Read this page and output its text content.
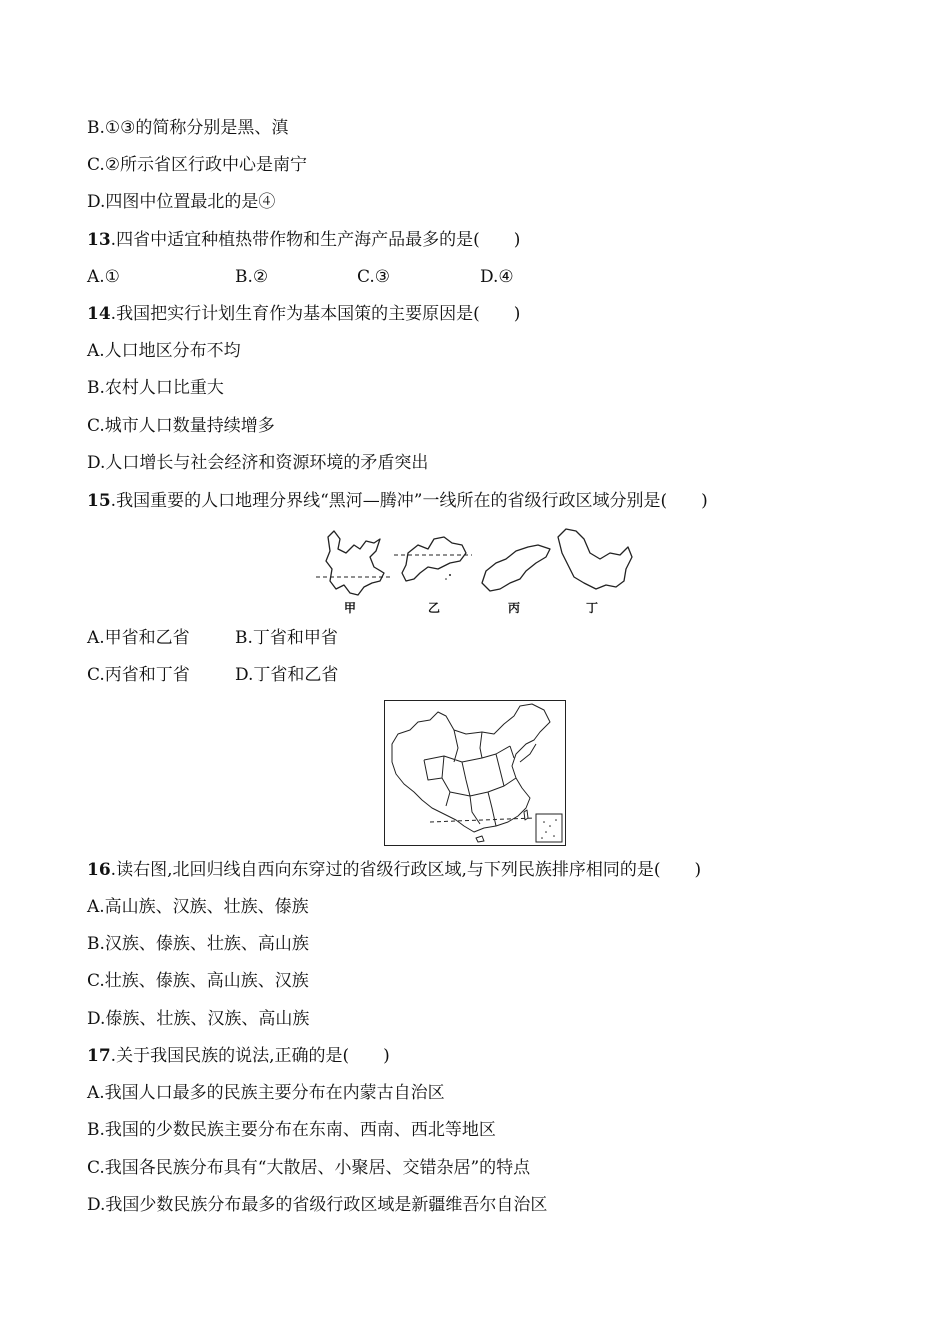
B.①③的简称分别是黑、滇
C.②所示省区行政中心是南宁
D.四图中位置最北的是④
13.四省中适宜种植热带作物和生产海产品最多的是(　　)
A.①	B.②	C.③	D.④
14.我国把实行计划生育作为基本国策的主要原因是(　　)
A.人口地区分布不均
B.农村人口比重大
C.城市人口数量持续增多
D.人口增长与社会经济和资源环境的矛盾突出
15.我国重要的人口地理分界线“黑河—腾冲”一线所在的省级行政区域分别是(　　)
甲	乙	丙	丁
A.甲省和乙省	B.丁省和甲省
C.丙省和丁省	D.丁省和乙省
16.读右图,北回归线自西向东穿过的省级行政区域,与下列民族排序相同的是(　　)
A.高山族、汉族、壮族、傣族
B.汉族、傣族、壮族、高山族
C.壮族、傣族、高山族、汉族
D.傣族、壮族、汉族、高山族
17.关于我国民族的说法,正确的是(　　)
A.我国人口最多的民族主要分布在内蒙古自治区
B.我国的少数民族主要分布在东南、西南、西北等地区
C.我国各民族分布具有“大散居、小聚居、交错杂居”的特点
D.我国少数民族分布最多的省级行政区域是新疆维吾尔自治区
